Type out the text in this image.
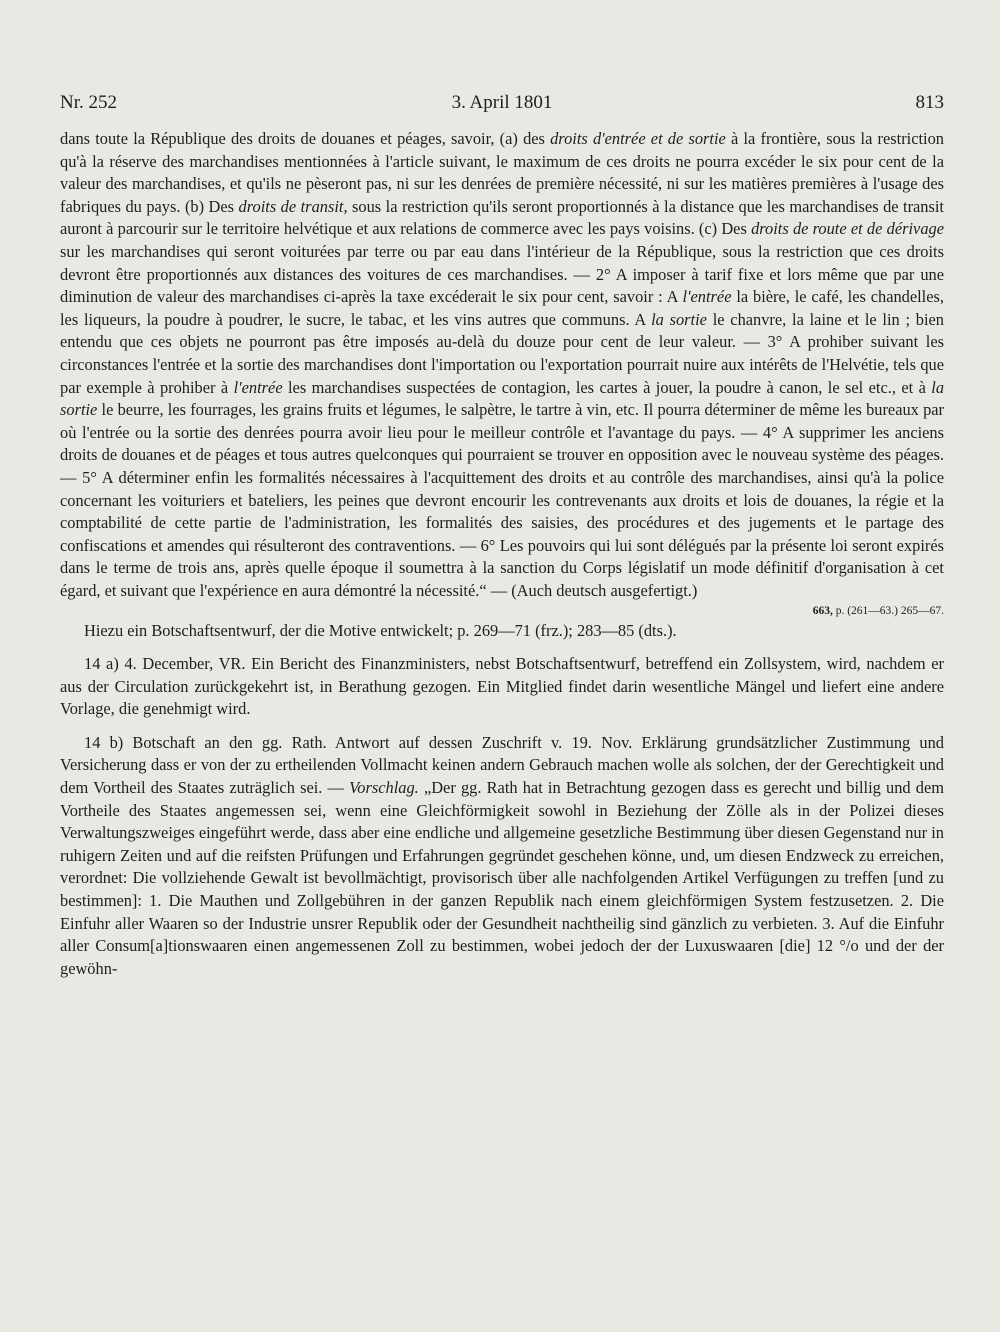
Nr. 252	3. April 1801	813

dans toute la République des droits de douanes et péages, savoir, (a) des droits d'entrée et de sortie à la frontière, sous la restriction qu'à la réserve des marchandises mentionnées à l'article suivant, le maximum de ces droits ne pourra excéder le six pour cent de la valeur des marchandises, et qu'ils ne pèseront pas, ni sur les denrées de première nécessité, ni sur les matières premières à l'usage des fabriques du pays. (b) Des droits de transit, sous la restriction qu'ils seront proportionnés à la distance que les marchandises de transit auront à parcourir sur le territoire helvétique et aux relations de commerce avec les pays voisins. (c) Des droits de route et de dérivage sur les marchandises qui seront voiturées par terre ou par eau dans l'intérieur de la République, sous la restriction que ces droits devront être proportionnés aux distances des voitures de ces marchandises. — 2° A imposer à tarif fixe et lors même que par une diminution de valeur des marchandises ci-après la taxe excéderait le six pour cent, savoir : A l'entrée la bière, le café, les chandelles, les liqueurs, la poudre à poudrer, le sucre, le tabac, et les vins autres que communs. A la sortie le chanvre, la laine et le lin ; bien entendu que ces objets ne pourront pas être imposés au-delà du douze pour cent de leur valeur. — 3° A prohiber suivant les circonstances l'entrée et la sortie des marchandises dont l'importation ou l'exportation pourrait nuire aux intérêts de l'Helvétie, tels que par exemple à prohiber à l'entrée les marchandises suspectées de contagion, les cartes à jouer, la poudre à canon, le sel etc., et à la sortie le beurre, les fourrages, les grains fruits et légumes, le salpètre, le tartre à vin, etc. Il pourra déterminer de même les bureaux par où l'entrée ou la sortie des denrées pourra avoir lieu pour le meilleur contrôle et l'avantage du pays. — 4° A supprimer les anciens droits de douanes et de péages et tous autres quelconques qui pourraient se trouver en opposition avec le nouveau système des péages. — 5° A déterminer enfin les formalités nécessaires à l'acquittement des droits et au contrôle des marchandises, ainsi qu'à la police concernant les voituriers et bateliers, les peines que devront encourir les contrevenants aux droits et lois de douanes, la régie et la comptabilité de cette partie de l'administration, les formalités des saisies, des procédures et des jugements et le partage des confiscations et amendes qui résulteront des contraventions. — 6° Les pouvoirs qui lui sont délégués par la présente loi seront expirés dans le terme de trois ans, après quelle époque il soumettra à la sanction du Corps législatif un mode définitif d'organisation à cet égard, et suivant que l'expérience en aura démontré la nécessité.“ — (Auch deutsch ausgefertigt.)

663, p. (261—63.) 265—67.

Hiezu ein Botschaftsentwurf, der die Motive entwickelt; p. 269—71 (frz.); 283—85 (dts.).

14 a) 4. December, VR. Ein Bericht des Finanzministers, nebst Botschaftsentwurf, betreffend ein Zollsystem, wird, nachdem er aus der Circulation zurückgekehrt ist, in Berathung gezogen. Ein Mitglied findet darin wesentliche Mängel und liefert eine andere Vorlage, die genehmigt wird.

14 b) Botschaft an den gg. Rath. Antwort auf dessen Zuschrift v. 19. Nov. Erklärung grundsätzlicher Zustimmung und Versicherung dass er von der zu ertheilenden Vollmacht keinen andern Gebrauch machen wolle als solchen, der der Gerechtigkeit und dem Vortheil des Staates zuträglich sei. — Vorschlag. „Der gg. Rath hat in Betrachtung gezogen dass es gerecht und billig und dem Vortheile des Staates angemessen sei, wenn eine Gleichförmigkeit sowohl in Beziehung der Zölle als in der Polizei dieses Verwaltungszweiges eingeführt werde, dass aber eine endliche und allgemeine gesetzliche Bestimmung über diesen Gegenstand nur in ruhigern Zeiten und auf die reifsten Prüfungen und Erfahrungen gegründet geschehen könne, und, um diesen Endzweck zu erreichen, verordnet: Die vollziehende Gewalt ist bevollmächtigt, provisorisch über alle nachfolgenden Artikel Verfügungen zu treffen [und zu bestimmen]: 1. Die Mauthen und Zollgebühren in der ganzen Republik nach einem gleichförmigen System festzusetzen. 2. Die Einfuhr aller Waaren so der Industrie unsrer Republik oder der Gesundheit nachtheilig sind gänzlich zu verbieten. 3. Auf die Einfuhr aller Consum[a]tionswaaren einen angemessenen Zoll zu bestimmen, wobei jedoch der der Luxuswaaren [die] 12 °/o und der der gewöhn-
